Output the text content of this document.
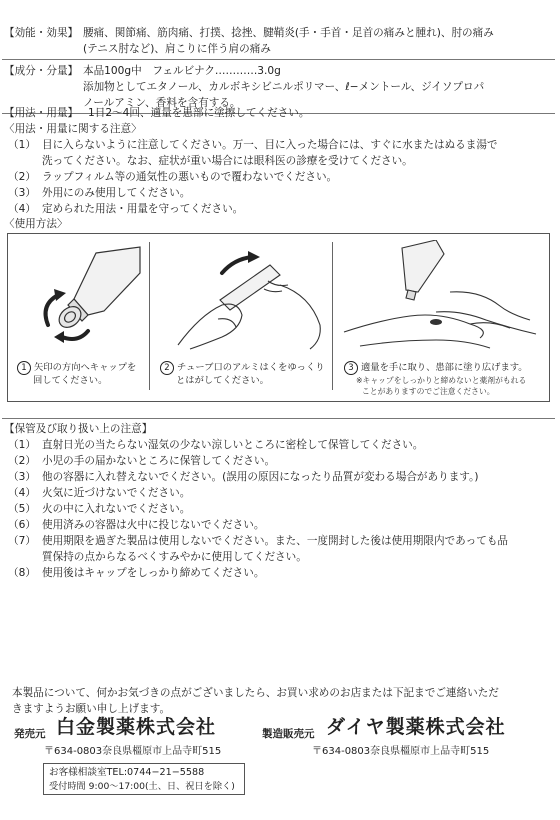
【効能・効果】 腰痛、関節痛、筋肉痛、打撲、捻挫、腱鞘炎(手・手首・足首の痛みと腫れ)、肘の痛み
(テニス肘など)、肩こりに伴う肩の痛み
【成分・分量】 本品100g中　フェルビナク…………3.0g
添加物としてエタノール、カルボキシビニルポリマー、ℓ−メントール、ジイソプロパ
ノールアミン、香料を含有する。
【用法・用量】 1日2〜4回、適量を患部に塗擦してください。
〈用法・用量に関する注意〉
（1） 目に入らないように注意してください。万一、目に入った場合には、すぐに水またはぬるま湯で
洗ってください。なお、症状が重い場合には眼科医の診療を受けてください。
（2） ラップフィルム等の通気性の悪いもので覆わないでください。
（3） 外用にのみ使用してください。
（4） 定められた用法・用量を守ってください。
〈使用方法〉
1 矢印の方向へキャップを
回してください。
2 チューブ口のアルミはくをゆっくり
とはがしてください。
3 適量を手に取り、患部に塗り広げます。
※キャップをしっかりと締めないと薬剤がもれる
ことがありますのでご注意ください。
【保管及び取り扱い上の注意】
（1） 直射日光の当たらない湿気の少ない涼しいところに密栓して保管してください。
（2） 小児の手の届かないところに保管してください。
（3） 他の容器に入れ替えないでください。(誤用の原因になったり品質が変わる場合があります。)
（4） 火気に近づけないでください。
（5） 火の中に入れないでください。
（6） 使用済みの容器は火中に投じないでください。
（7） 使用期限を過ぎた製品は使用しないでください。また、一度開封した後は使用期限内であっても品
質保持の点からなるべくすみやかに使用してください。
（8） 使用後はキャップをしっかり締めてください。
本製品について、何かお気づきの点がございましたら、お買い求めのお店または下記までご連絡いただ
きますようお願い申し上げます。
発売元 白金製薬株式会社
〒634-0803奈良県橿原市上品寺町515
製造販売元 ダイヤ製薬株式会社
〒634-0803奈良県橿原市上品寺町515
お客様相談室TEL:0744−21−5588
受付時間 9:00〜17:00(土、日、祝日を除く)
